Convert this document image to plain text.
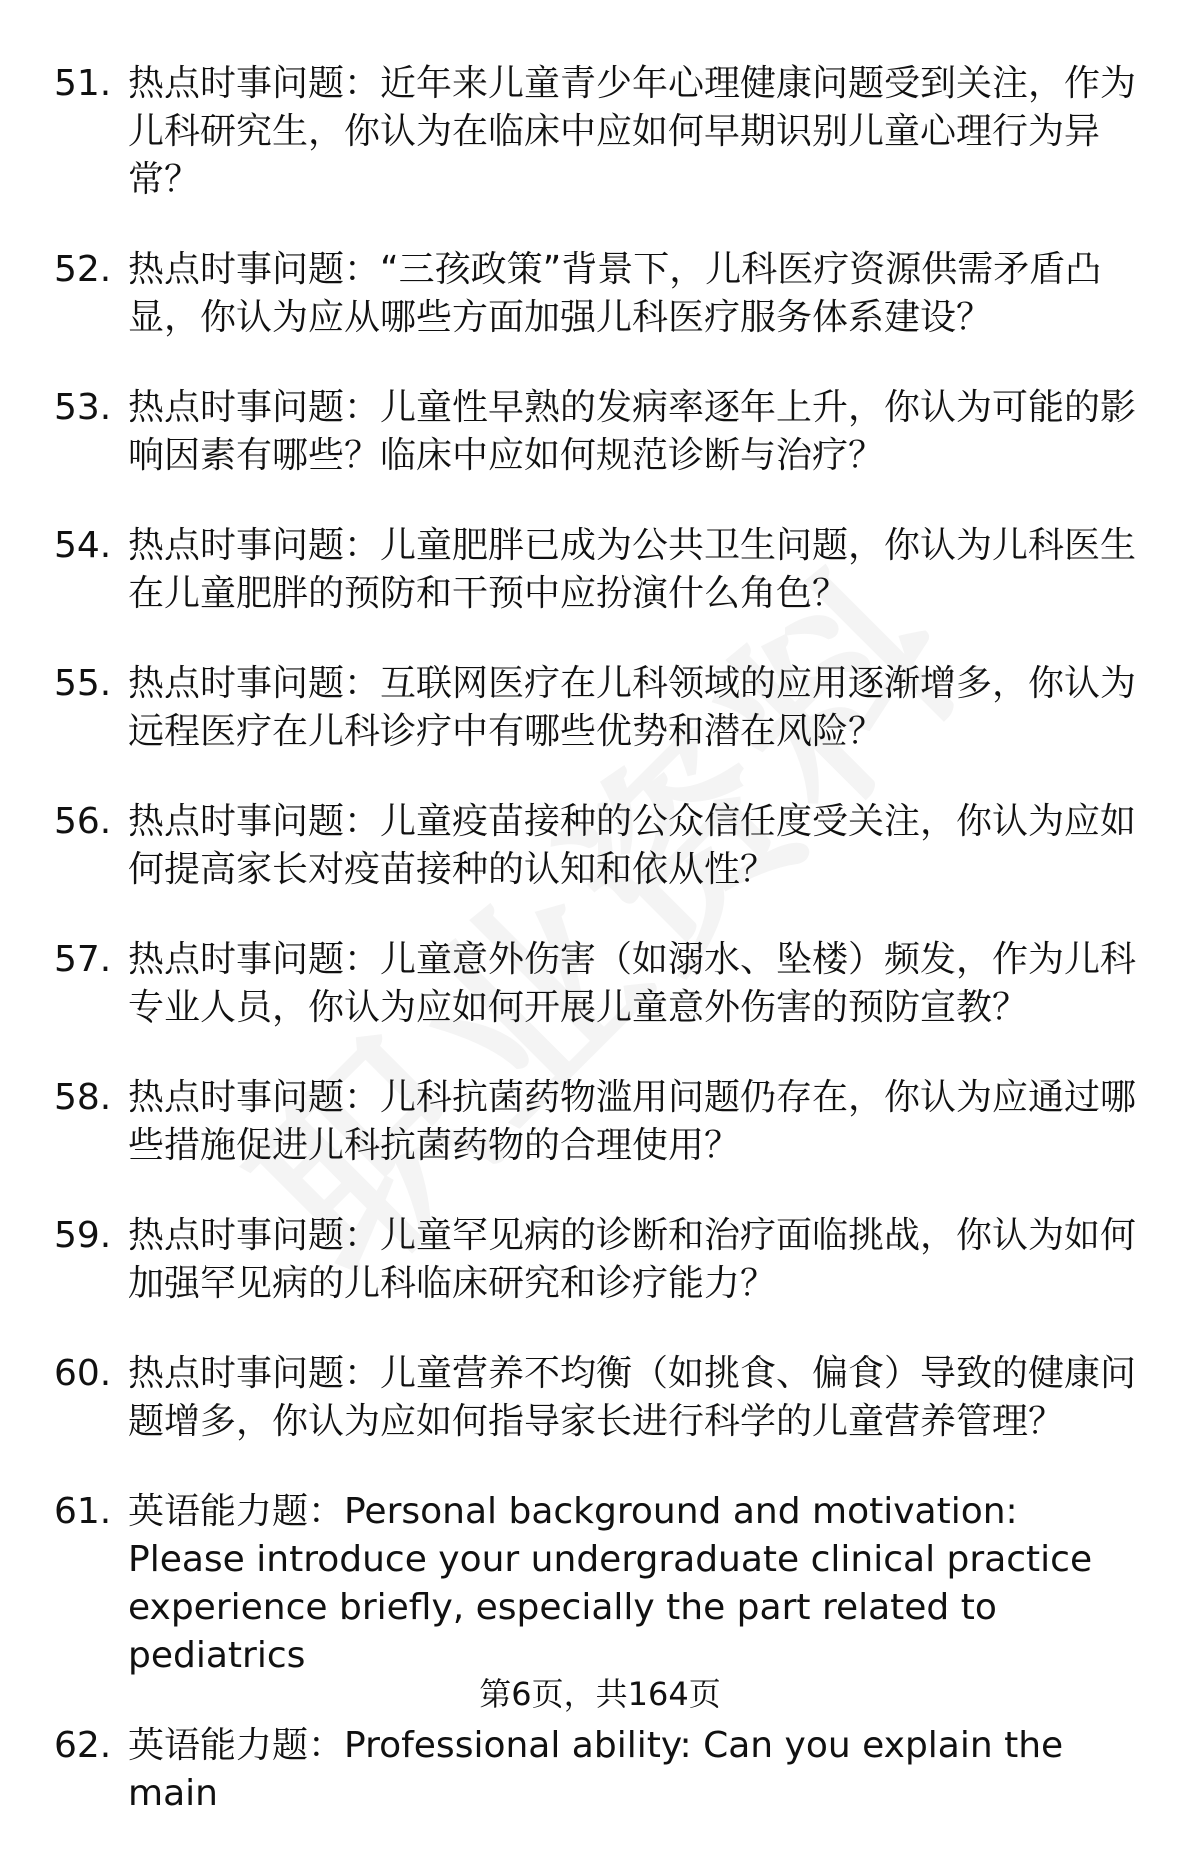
51. 热点时事问题：近年来儿童青少年心理健康问题受到关注，作为儿科研究生，你认为在临床中应如何早期识别儿童心理行为异常？
52. 热点时事问题：“三孩政策”背景下，儿科医疗资源供需矛盾凸显，你认为应从哪些方面加强儿科医疗服务体系建设？
53. 热点时事问题：儿童性早熟的发病率逐年上升，你认为可能的影响因素有哪些？临床中应如何规范诊断与治疗？
54. 热点时事问题：儿童肥胖已成为公共卫生问题，你认为儿科医生在儿童肥胖的预防和干预中应扮演什么角色？
55. 热点时事问题：互联网医疗在儿科领域的应用逐渐增多，你认为远程医疗在儿科诊疗中有哪些优势和潜在风险？
56. 热点时事问题：儿童疫苗接种的公众信任度受关注，你认为应如何提高家长对疫苗接种的认知和依从性？
57. 热点时事问题：儿童意外伤害（如溺水、坠楼）频发，作为儿科专业人员，你认为应如何开展儿童意外伤害的预防宣教？
58. 热点时事问题：儿科抗菌药物滥用问题仍存在，你认为应通过哪些措施促进儿科抗菌药物的合理使用？
59. 热点时事问题：儿童罕见病的诊断和治疗面临挑战，你认为如何加强罕见病的儿科临床研究和诊疗能力？
60. 热点时事问题：儿童营养不均衡（如挑食、偏食）导致的健康问题增多，你认为应如何指导家长进行科学的儿童营养管理？
61. 英语能力题：Personal background and motivation: Please introduce your undergraduate clinical practice experience briefly, especially the part related to pediatrics
62. 英语能力题：Professional ability: Can you explain the main
第6页，共164页
